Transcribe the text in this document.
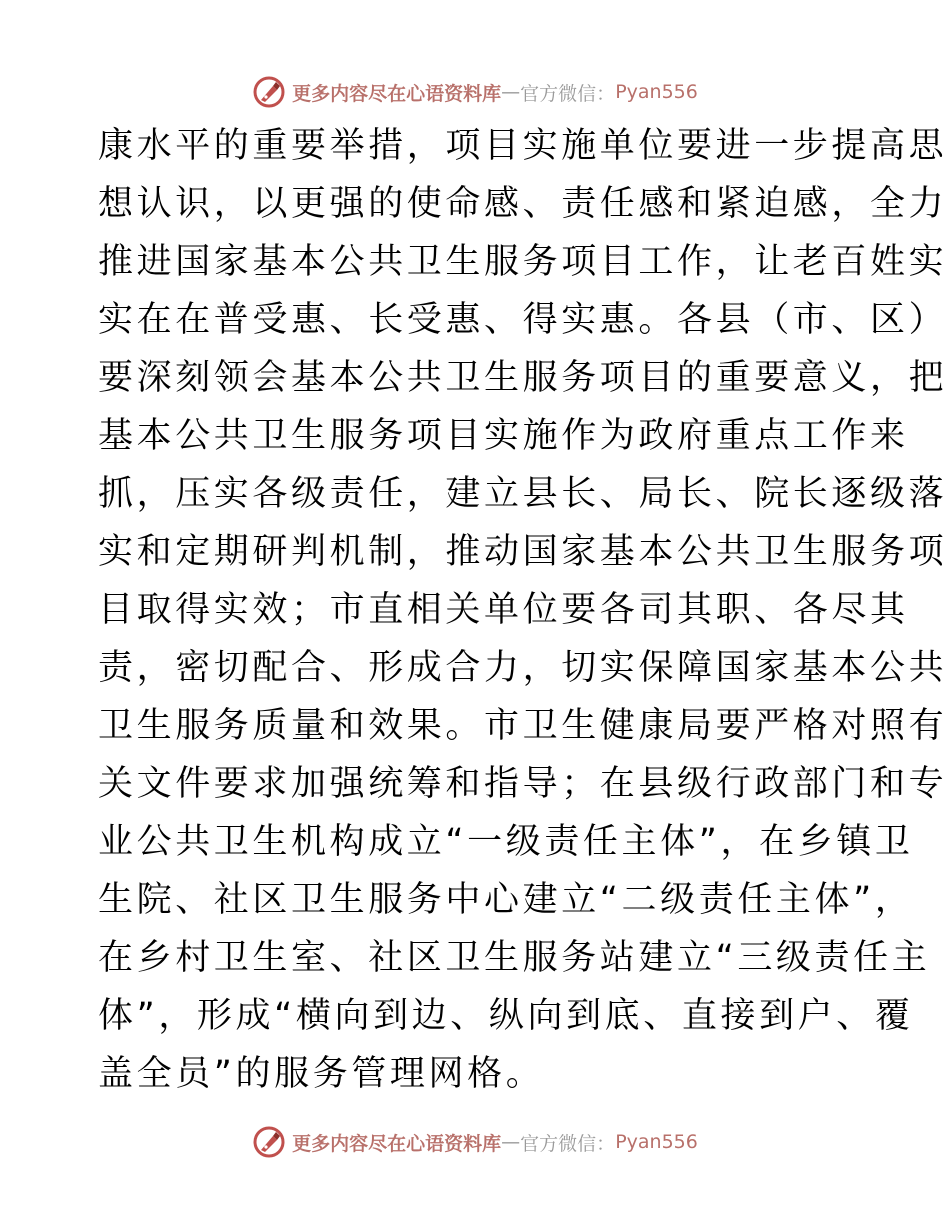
更多内容尽在心语资料库 — 官方微信： Pyan556
康水平的重要举措，项目实施单位要进一步提高思
想认识，以更强的使命感、责任感和紧迫感，全力
推进国家基本公共卫生服务项目工作，让老百姓实
实在在普受惠、长受惠、得实惠。各县（市、区）
要深刻领会基本公共卫生服务项目的重要意义，把
基本公共卫生服务项目实施作为政府重点工作来
抓，压实各级责任，建立县长、局长、院长逐级落
实和定期研判机制，推动国家基本公共卫生服务项
目取得实效；市直相关单位要各司其职、各尽其
责，密切配合、形成合力，切实保障国家基本公共
卫生服务质量和效果。市卫生健康局要严格对照有
关文件要求加强统筹和指导；在县级行政部门和专
业公共卫生机构成立“一级责任主体”，在乡镇卫
生院、社区卫生服务中心建立“二级责任主体”，
在乡村卫生室、社区卫生服务站建立“三级责任主
体”，形成“横向到边、纵向到底、直接到户、覆
盖全员”的服务管理网格。
更多内容尽在心语资料库 — 官方微信： Pyan556
